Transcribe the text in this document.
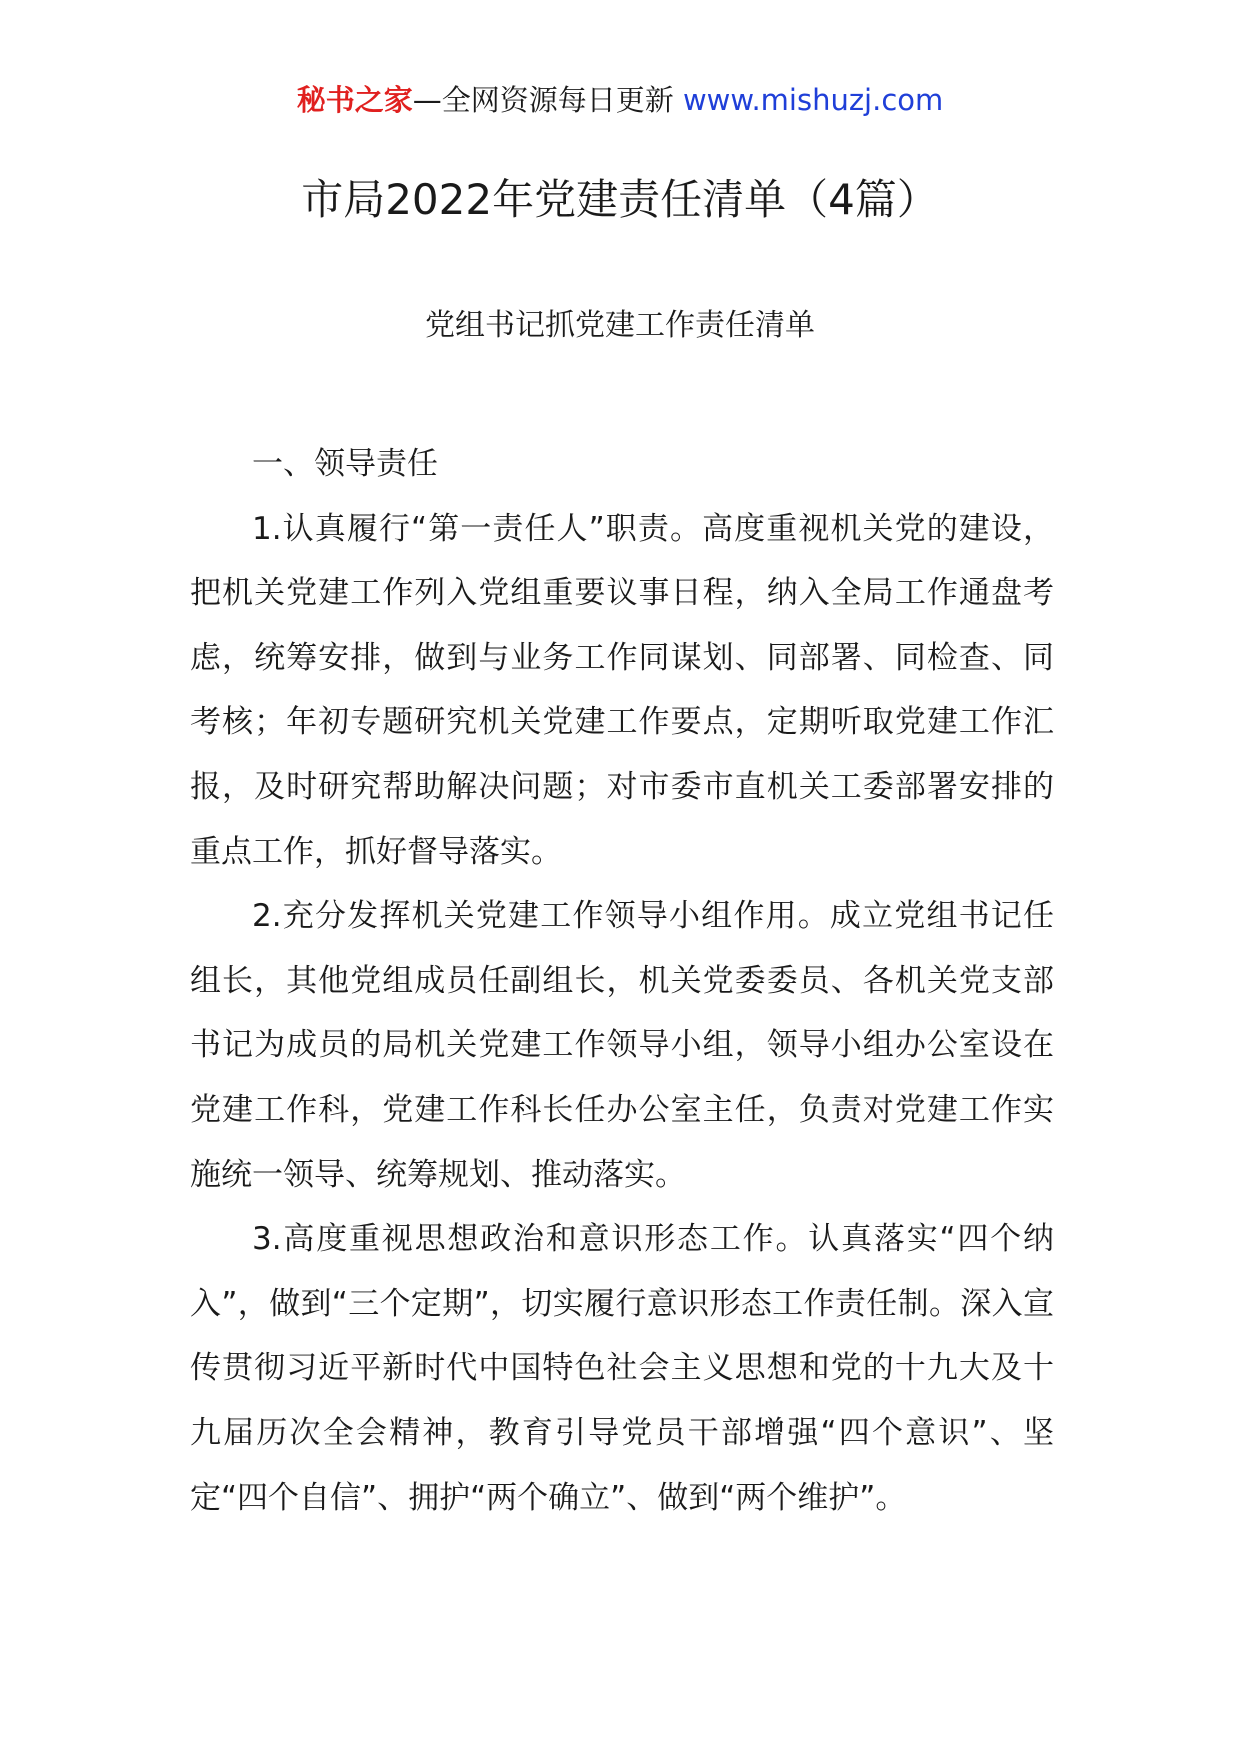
秘书之家—全网资源每日更新 www.mishuzj.com
市局2022年党建责任清单（4篇）
党组书记抓党建工作责任清单

一、领导责任

1.认真履行“第一责任人”职责。高度重视机关党的建设，把机关党建工作列入党组重要议事日程，纳入全局工作通盘考虑，统筹安排，做到与业务工作同谋划、同部署、同检查、同考核；年初专题研究机关党建工作要点，定期听取党建工作汇报，及时研究帮助解决问题；对市委市直机关工委部署安排的重点工作，抓好督导落实。

2.充分发挥机关党建工作领导小组作用。成立党组书记任组长，其他党组成员任副组长，机关党委委员、各机关党支部书记为成员的局机关党建工作领导小组，领导小组办公室设在党建工作科，党建工作科长任办公室主任，负责对党建工作实施统一领导、统筹规划、推动落实。

3.高度重视思想政治和意识形态工作。认真落实“四个纳入”，做到“三个定期”，切实履行意识形态工作责任制。深入宣传贯彻习近平新时代中国特色社会主义思想和党的十九大及十九届历次全会精神，教育引导党员干部增强“四个意识”、坚定“四个自信”、拥护“两个确立”、做到“两个维护”。
